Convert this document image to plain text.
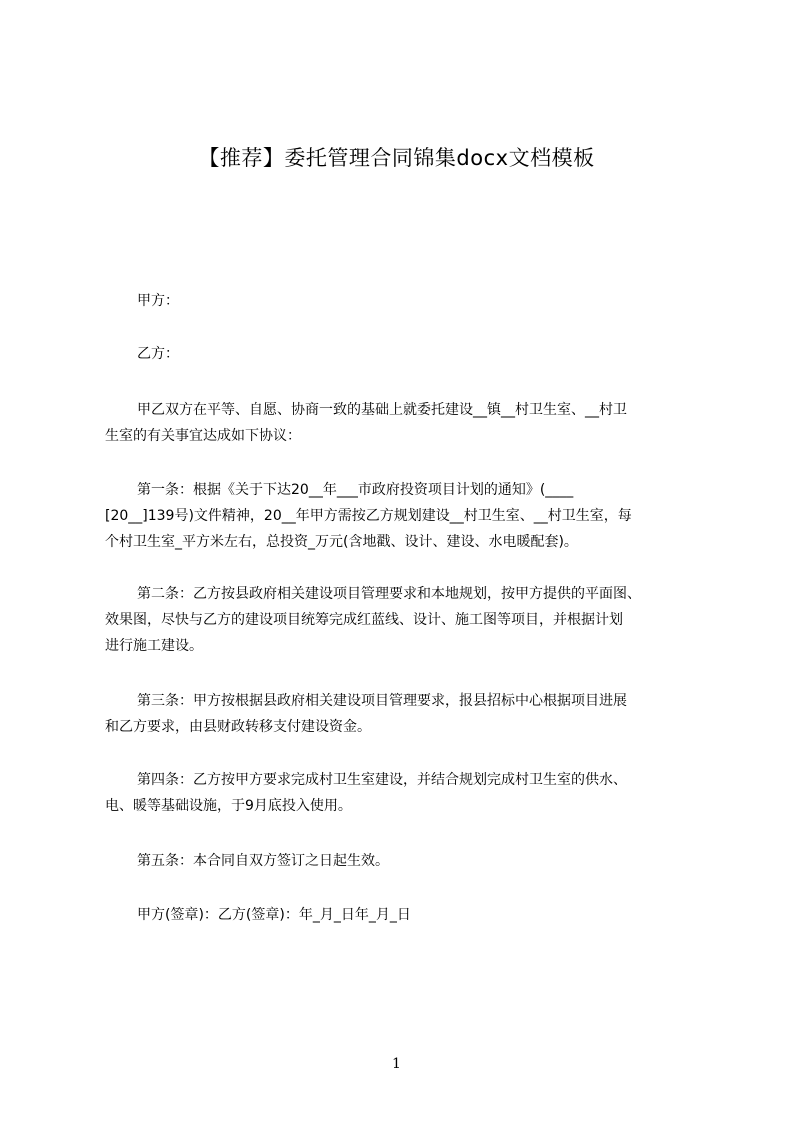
【推荐】委托管理合同锦集docx文档模板

甲方：

乙方：

甲乙双方在平等、自愿、协商一致的基础上就委托建设__镇__村卫生室、__村卫
生室的有关事宜达成如下协议：
第一条：根据《关于下达20__年___市政府投资项目计划的通知》(____
[20__]139号)文件精神，20__年甲方需按乙方规划建设__村卫生室、__村卫生室，每
个村卫生室_平方米左右，总投资_万元(含地戳、设计、建设、水电暖配套)。
第二条：乙方按县政府相关建设项目管理要求和本地规划，按甲方提供的平面图、
效果图，尽快与乙方的建设项目统筹完成红蓝线、设计、施工图等项目，并根据计划
进行施工建设。
第三条：甲方按根据县政府相关建设项目管理要求，报县招标中心根据项目进展
和乙方要求，由县财政转移支付建设资金。
第四条：乙方按甲方要求完成村卫生室建设，并结合规划完成村卫生室的供水、
电、暖等基础设施，于9月底投入使用。

第五条：本合同自双方签订之日起生效。

甲方(签章)：乙方(签章)：年_月_日年_月_日

1
